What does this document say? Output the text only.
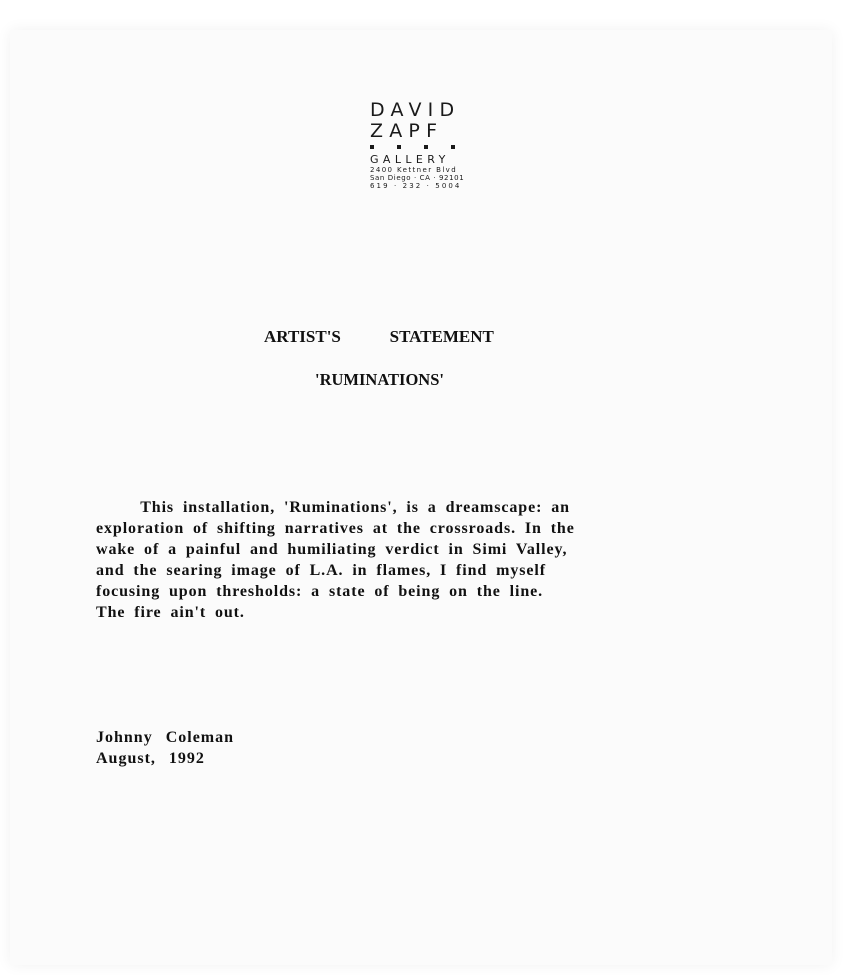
DAVID
ZAPF
GALLERY
2400 Kettner Blvd
San Diego · CA · 92101
619 · 232 · 5004
ARTIST'S   STATEMENT
'RUMINATIONS'
This installation, 'Ruminations', is a dreamscape: an
exploration of shifting narratives at the crossroads. In the
wake of a painful and humiliating verdict in Simi Valley,
and the searing image of L.A. in flames, I find myself
focusing upon thresholds: a state of being on the line.
The fire ain't out.
Johnny Coleman
August, 1992
